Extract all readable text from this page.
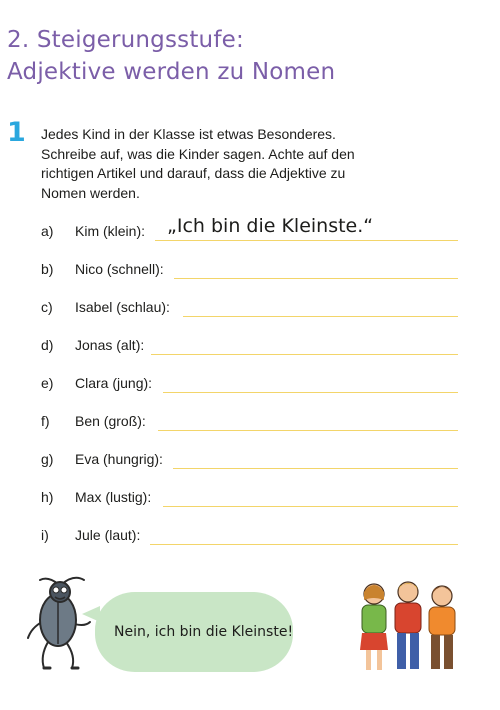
2. Steigerungsstufe:
Adjektive werden zu Nomen
1 Jedes Kind in der Klasse ist etwas Besonderes.
Schreibe auf, was die Kinder sagen. Achte auf den
richtigen Artikel und darauf, dass die Adjektive zu
Nomen werden.
a) Kim (klein): „Ich bin die Kleinste.“
b) Nico (schnell):
c) Isabel (schlau):
d) Jonas (alt):
e) Clara (jung):
f) Ben (groß):
g) Eva (hungrig):
h) Max (lustig):
i) Jule (laut):
Nein, ich bin die Kleinste!
